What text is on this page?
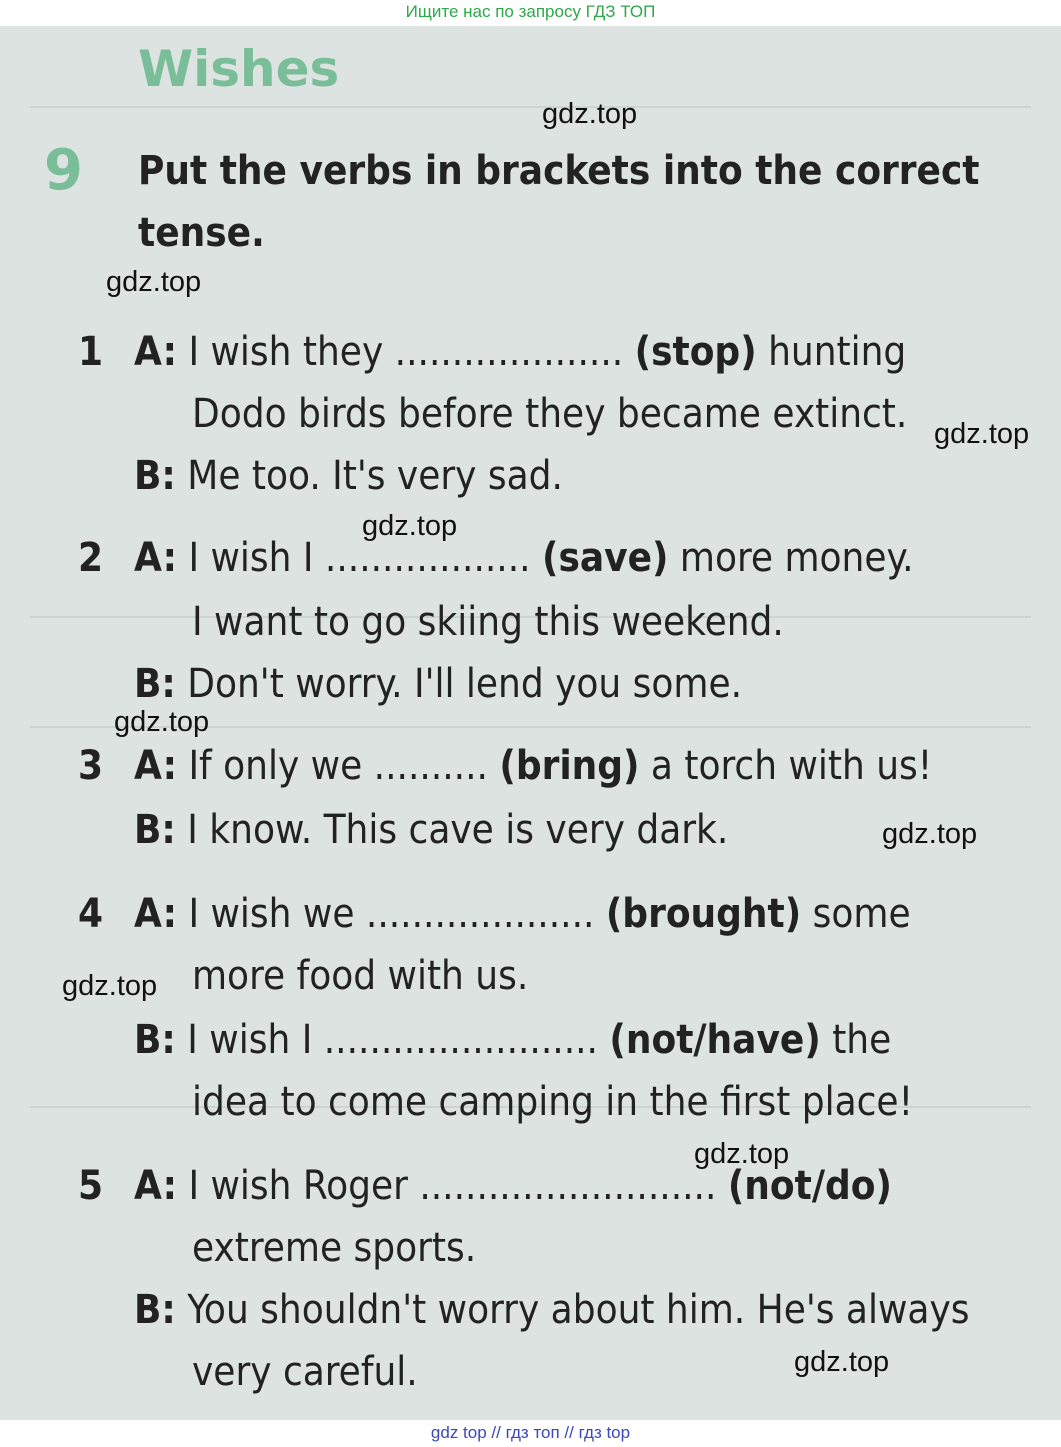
Ищите нас по запросу ГДЗ ТОП
Wishes
9 Put the verbs in brackets into the correct tense.
1 A: I wish they .................... (stop) hunting
Dodo birds before they became extinct.
B: Me too. It's very sad.
2 A: I wish I .................. (save) more money.
I want to go skiing this weekend.
B: Don't worry. I'll lend you some.
3 A: If only we .......... (bring) a torch with us!
B: I know. This cave is very dark.
4 A: I wish we .................... (brought) some
more food with us.
B: I wish I ........................ (not/have) the
idea to come camping in the first place!
5 A: I wish Roger .......................... (not/do)
extreme sports.
B: You shouldn't worry about him. He's always
very careful.
gdz.top
gdz.top
gdz.top
gdz.top
gdz.top
gdz.top
gdz.top
gdz.top
gdz.top
gdz top // гдз топ // гдз top
